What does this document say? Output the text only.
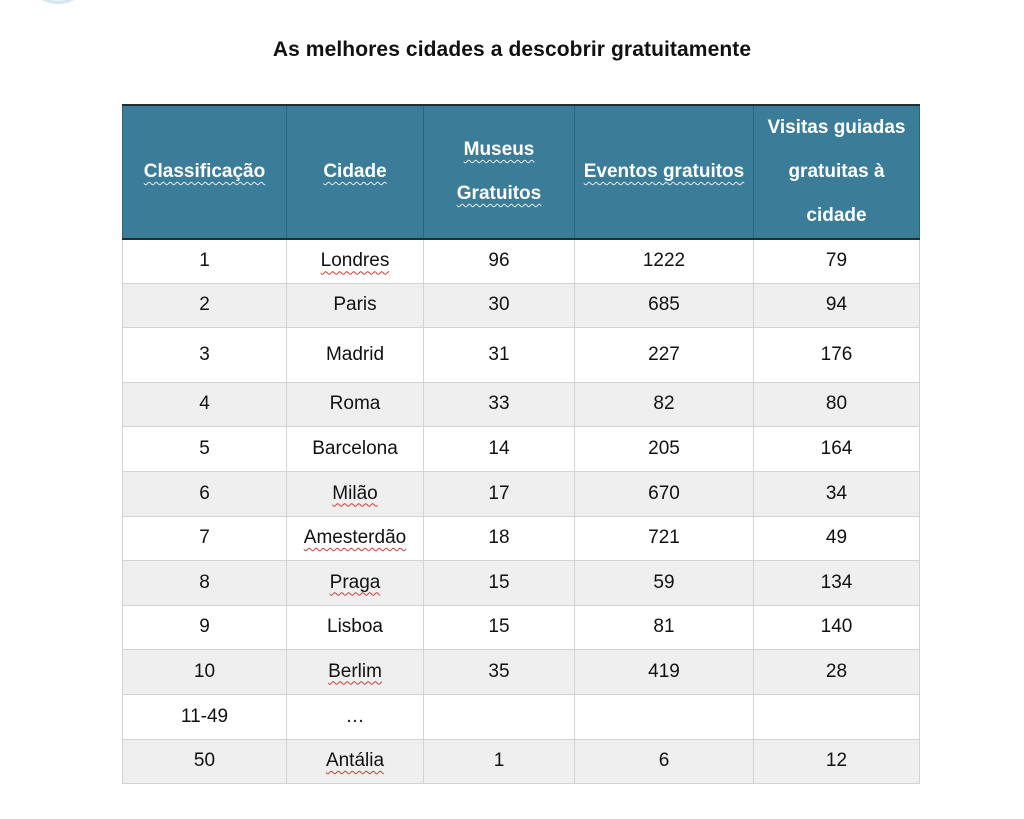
As melhores cidades a descobrir gratuitamente
Classificação	Cidade	Museus Gratuitos	Eventos gratuitos	Visitas guiadas gratuitas à cidade
1	Londres	96	1222	79
2	Paris	30	685	94
3	Madrid	31	227	176
4	Roma	33	82	80
5	Barcelona	14	205	164
6	Milão	17	670	34
7	Amesterdão	18	721	49
8	Praga	15	59	134
9	Lisboa	15	81	140
10	Berlim	35	419	28
11-49	…			
50	Antália	1	6	12
